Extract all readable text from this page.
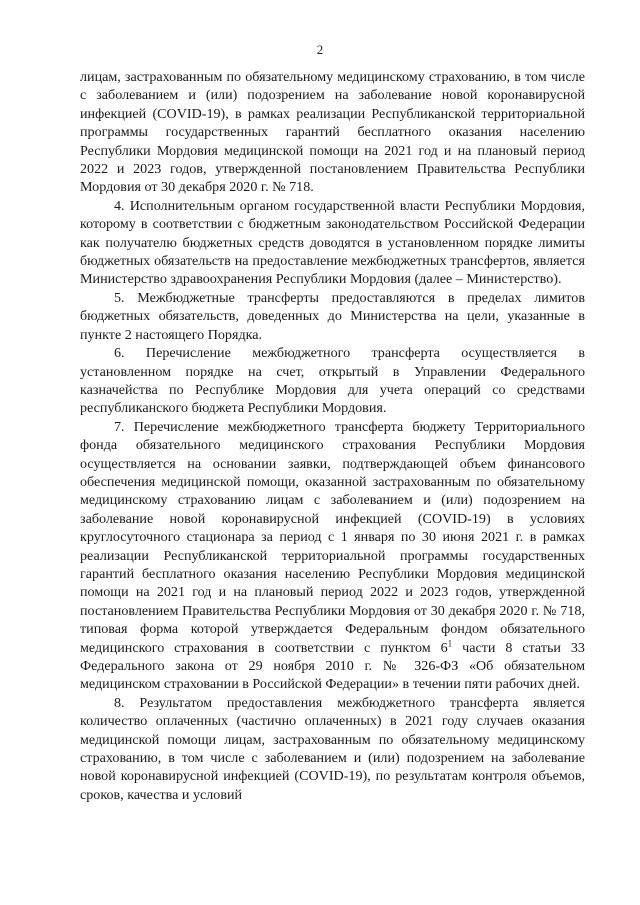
2

лицам, застрахованным по обязательному медицинскому страхованию, в том числе с заболеванием и (или) подозрением на заболевание новой коронавирусной инфекцией (COVID-19), в рамках реализации Республиканской территориальной программы государственных гарантий бесплатного оказания населению Республики Мордовия медицинской помощи на 2021 год и на плановый период 2022 и 2023 годов, утвержденной постановлением Правительства Республики Мордовия от 30 декабря 2020 г. № 718.

4. Исполнительным органом государственной власти Республики Мордовия, которому в соответствии с бюджетным законодательством Российской Федерации как получателю бюджетных средств доводятся в установленном порядке лимиты бюджетных обязательств на предоставление межбюджетных трансфертов, является Министерство здравоохранения Республики Мордовия (далее – Министерство).

5. Межбюджетные трансферты предоставляются в пределах лимитов бюджетных обязательств, доведенных до Министерства на цели, указанные в пункте 2 настоящего Порядка.

6. Перечисление межбюджетного трансферта осуществляется в установленном порядке на счет, открытый в Управлении Федерального казначейства по Республике Мордовия для учета операций со средствами республиканского бюджета Республики Мордовия.

7. Перечисление межбюджетного трансферта бюджету Территориального фонда обязательного медицинского страхования Республики Мордовия осуществляется на основании заявки, подтверждающей объем финансового обеспечения медицинской помощи, оказанной застрахованным по обязательному медицинскому страхованию лицам с заболеванием и (или) подозрением на заболевание новой коронавирусной инфекцией (COVID-19) в условиях круглосуточного стационара за период с 1 января по 30 июня 2021 г. в рамках реализации Республиканской территориальной программы государственных гарантий бесплатного оказания населению Республики Мордовия медицинской помощи на 2021 год и на плановый период 2022 и 2023 годов, утвержденной постановлением Правительства Республики Мордовия от 30 декабря 2020 г. № 718, типовая форма которой утверждается Федеральным фондом обязательного медицинского страхования в соответствии с пунктом $6^1$ части 8 статьи 33 Федерального закона от 29 ноября 2010 г. № 326-ФЗ «Об обязательном медицинском страховании в Российской Федерации» в течении пяти рабочих дней.

8. Результатом предоставления межбюджетного трансферта является количество оплаченных (частично оплаченных) в 2021 году случаев оказания медицинской помощи лицам, застрахованным по обязательному медицинскому страхованию, в том числе с заболеванием и (или) подозрением на заболевание новой коронавирусной инфекцией (COVID-19), по результатам контроля объемов, сроков, качества и условий
